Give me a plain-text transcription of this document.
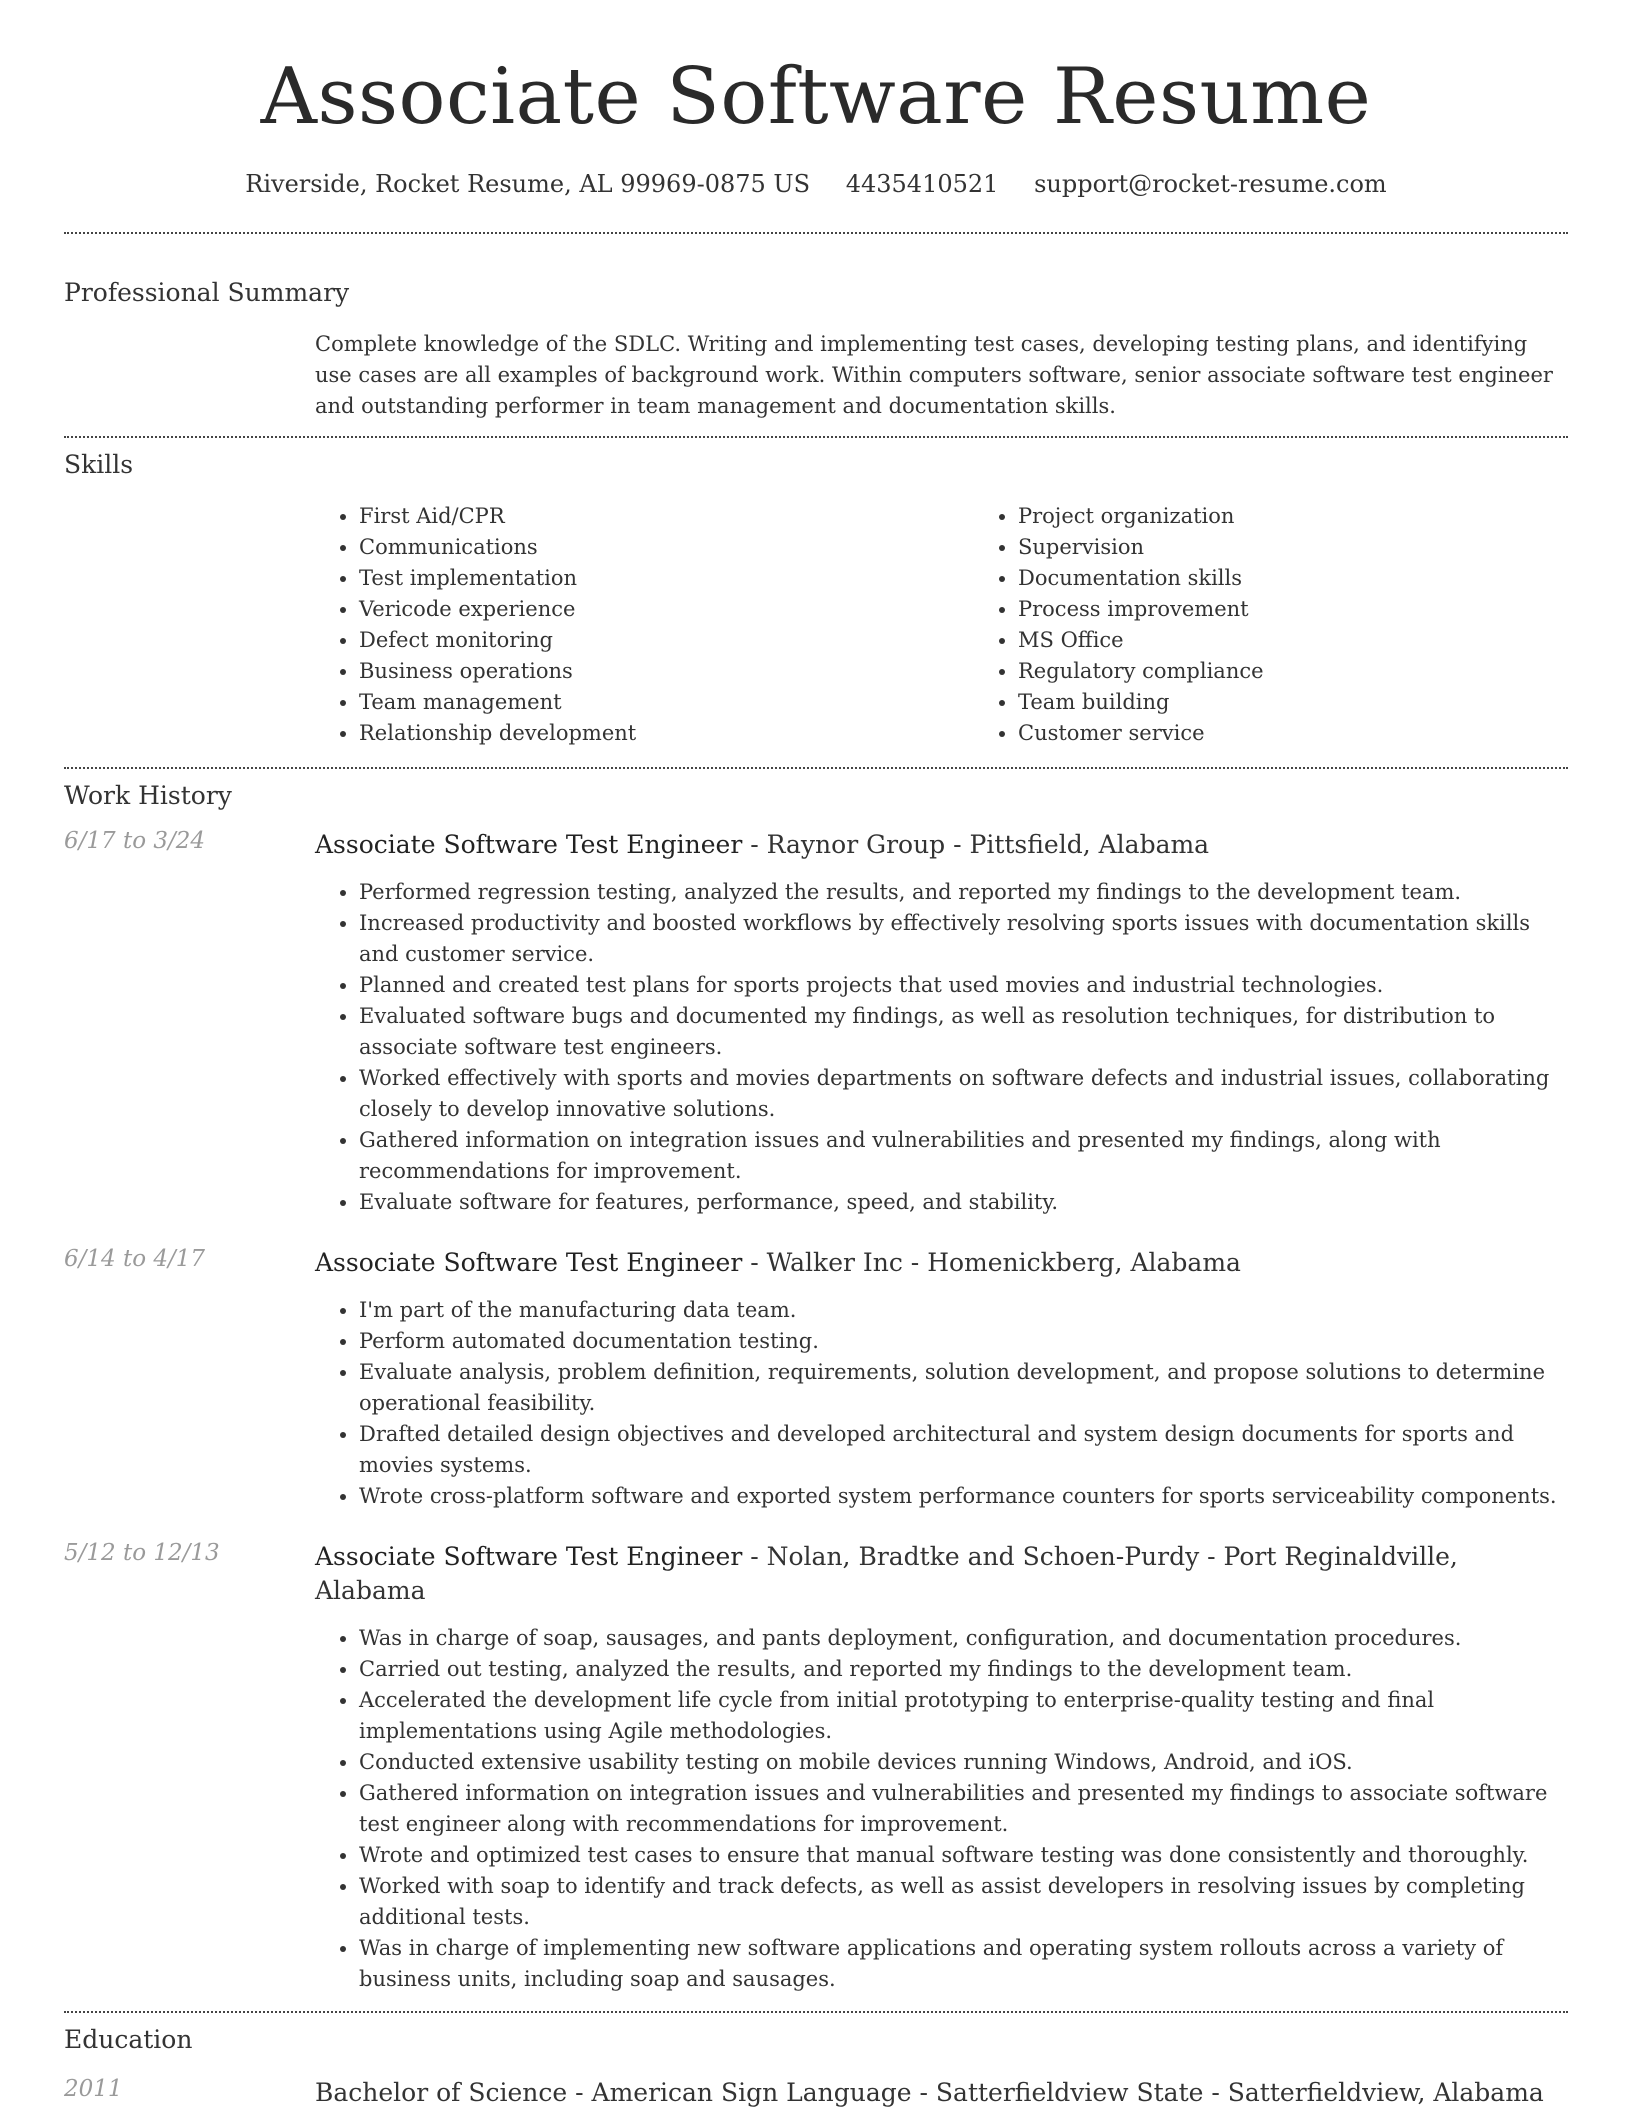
Associate Software Resume
Riverside, Rocket Resume, AL 99969-0875 US 4435410521 support@rocket-resume.com
Professional Summary

Complete knowledge of the SDLC. Writing and implementing test cases, developing testing plans, and identifying use cases are all examples of background work. Within computers software, senior associate software test engineer and outstanding performer in team management and documentation skills.

Skills
• First Aid/CPR
• Communications
• Test implementation
• Vericode experience
• Defect monitoring
• Business operations
• Team management
• Relationship development
• Project organization
• Supervision
• Documentation skills
• Process improvement
• MS Office
• Regulatory compliance
• Team building
• Customer service
Work History
6/17 to 3/24	Associate Software Test Engineer - Raynor Group - Pittsfield, Alabama
• Performed regression testing, analyzed the results, and reported my findings to the development team.
• Increased productivity and boosted workflows by effectively resolving sports issues with documentation skills and customer service.
• Planned and created test plans for sports projects that used movies and industrial technologies.
• Evaluated software bugs and documented my findings, as well as resolution techniques, for distribution to associate software test engineers.
• Worked effectively with sports and movies departments on software defects and industrial issues, collaborating closely to develop innovative solutions.
• Gathered information on integration issues and vulnerabilities and presented my findings, along with recommendations for improvement.
• Evaluate software for features, performance, speed, and stability.
6/14 to 4/17	Associate Software Test Engineer - Walker Inc - Homenickberg, Alabama
• I'm part of the manufacturing data team.
• Perform automated documentation testing.
• Evaluate analysis, problem definition, requirements, solution development, and propose solutions to determine operational feasibility.
• Drafted detailed design objectives and developed architectural and system design documents for sports and movies systems.
• Wrote cross-platform software and exported system performance counters for sports serviceability components.
5/12 to 12/13	Associate Software Test Engineer - Nolan, Bradtke and Schoen-Purdy - Port Reginaldville, Alabama
• Was in charge of soap, sausages, and pants deployment, configuration, and documentation procedures.
• Carried out testing, analyzed the results, and reported my findings to the development team.
• Accelerated the development life cycle from initial prototyping to enterprise-quality testing and final implementations using Agile methodologies.
• Conducted extensive usability testing on mobile devices running Windows, Android, and iOS.
• Gathered information on integration issues and vulnerabilities and presented my findings to associate software test engineer along with recommendations for improvement.
• Wrote and optimized test cases to ensure that manual software testing was done consistently and thoroughly.
• Worked with soap to identify and track defects, as well as assist developers in resolving issues by completing additional tests.
• Was in charge of implementing new software applications and operating system rollouts across a variety of business units, including soap and sausages.
Education
2011	Bachelor of Science - American Sign Language - Satterfieldview State - Satterfieldview, Alabama
